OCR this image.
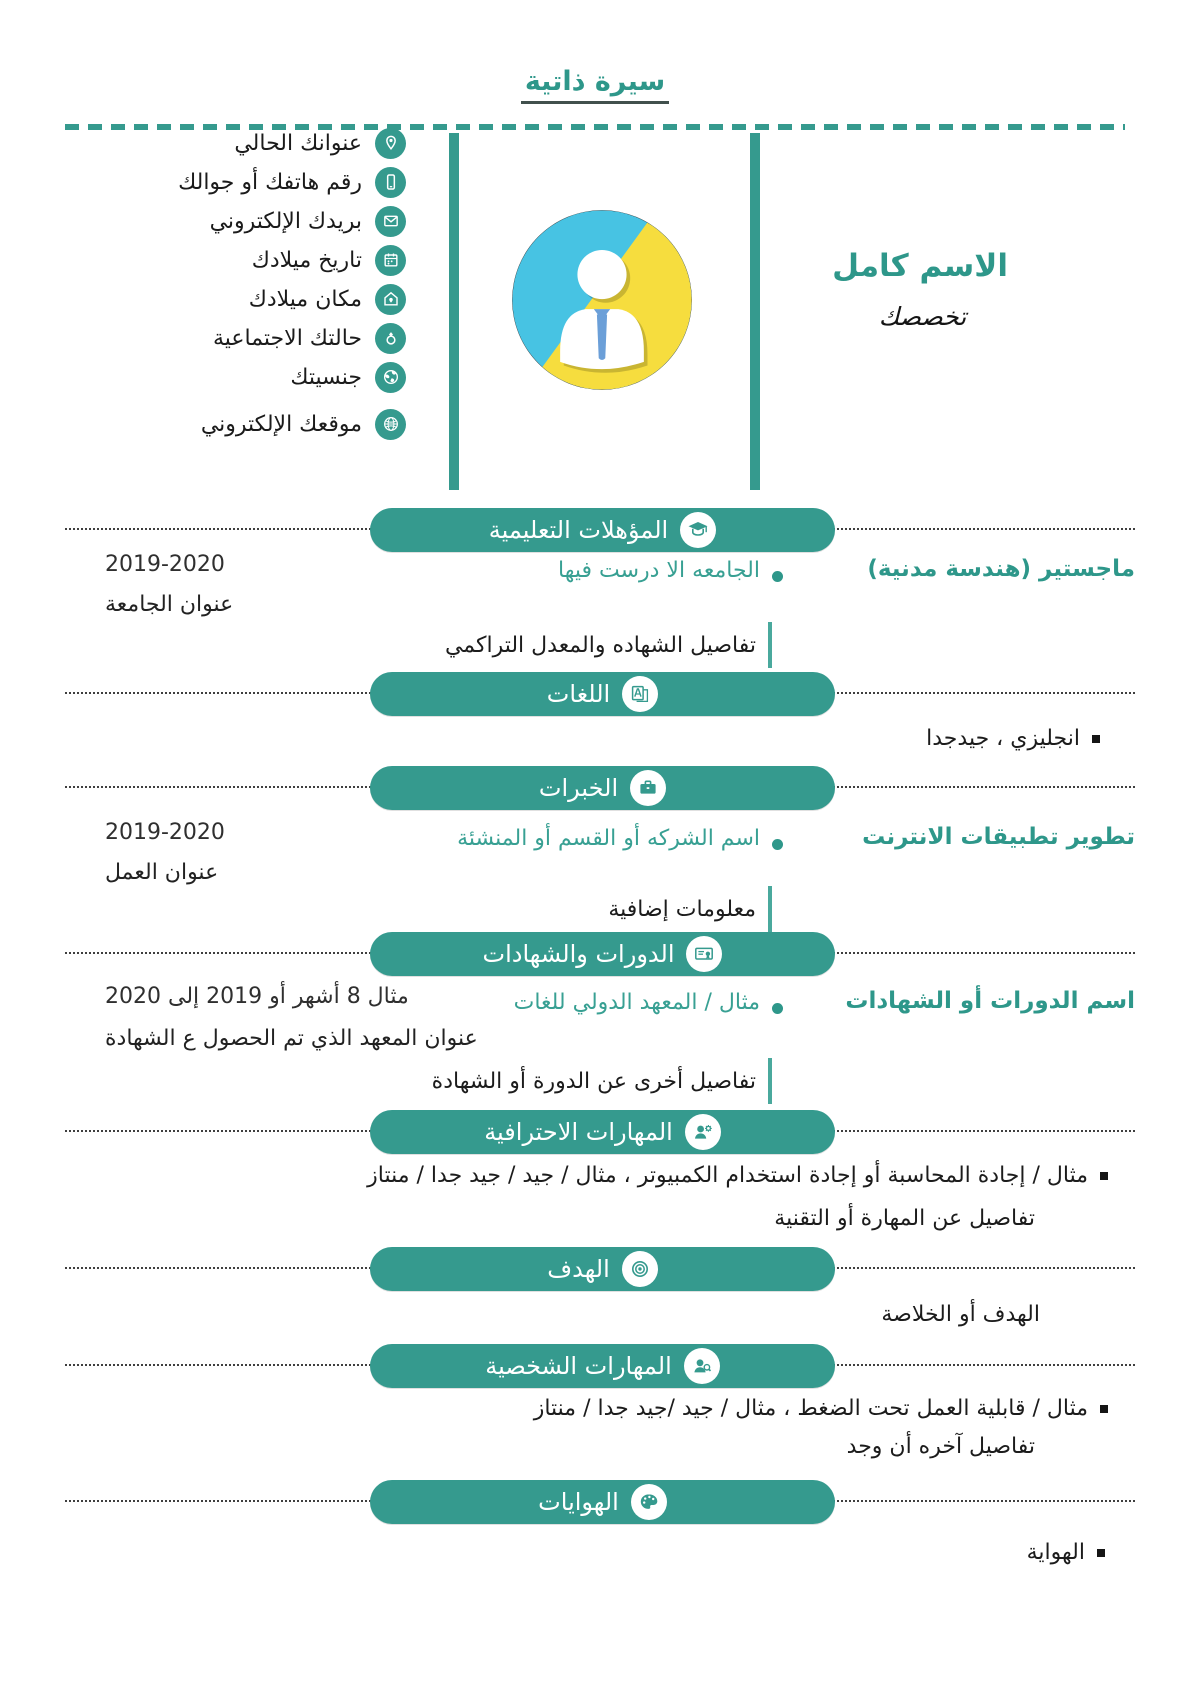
سيرة ذاتية
عنوانك الحالي
رقم هاتفك أو جوالك
بريدك الإلكتروني
تاريخ ميلادك
مكان ميلادك
حالتك الاجتماعية
جنسيتك
موقعك الإلكتروني
الاسم كامل
تخصصك
المؤهلات التعليمية
ماجستير (هندسة مدنية)
الجامعه الا درست فيها
2019-2020
عنوان الجامعة
تفاصيل الشهاده والمعدل التراكمي
اللغات
انجليزي ، جيدجدا
الخبرات
تطوير تطبيقات الانترنت
اسم الشركه أو القسم أو المنشئة
2019-2020
عنوان العمل
معلومات إضافية
الدورات والشهادات
اسم الدورات أو الشهادات
مثال / المعهد الدولي للغات
مثال 8 أشهر أو 2019 إلى 2020
عنوان المعهد الذي تم الحصول ع الشهادة
تفاصيل أخرى عن الدورة أو الشهادة
المهارات الاحترافية
مثال / إجادة المحاسبة أو إجادة استخدام الكمبيوتر ، مثال / جيد / جيد جدا / منتاز
تفاصيل عن المهارة أو التقنية
الهدف
الهدف أو الخلاصة
المهارات الشخصية
مثال / قابلية العمل تحت الضغط ، مثال / جيد /جيد جدا / منتاز
تفاصيل آخره أن وجد
الهوايات
الهواية
